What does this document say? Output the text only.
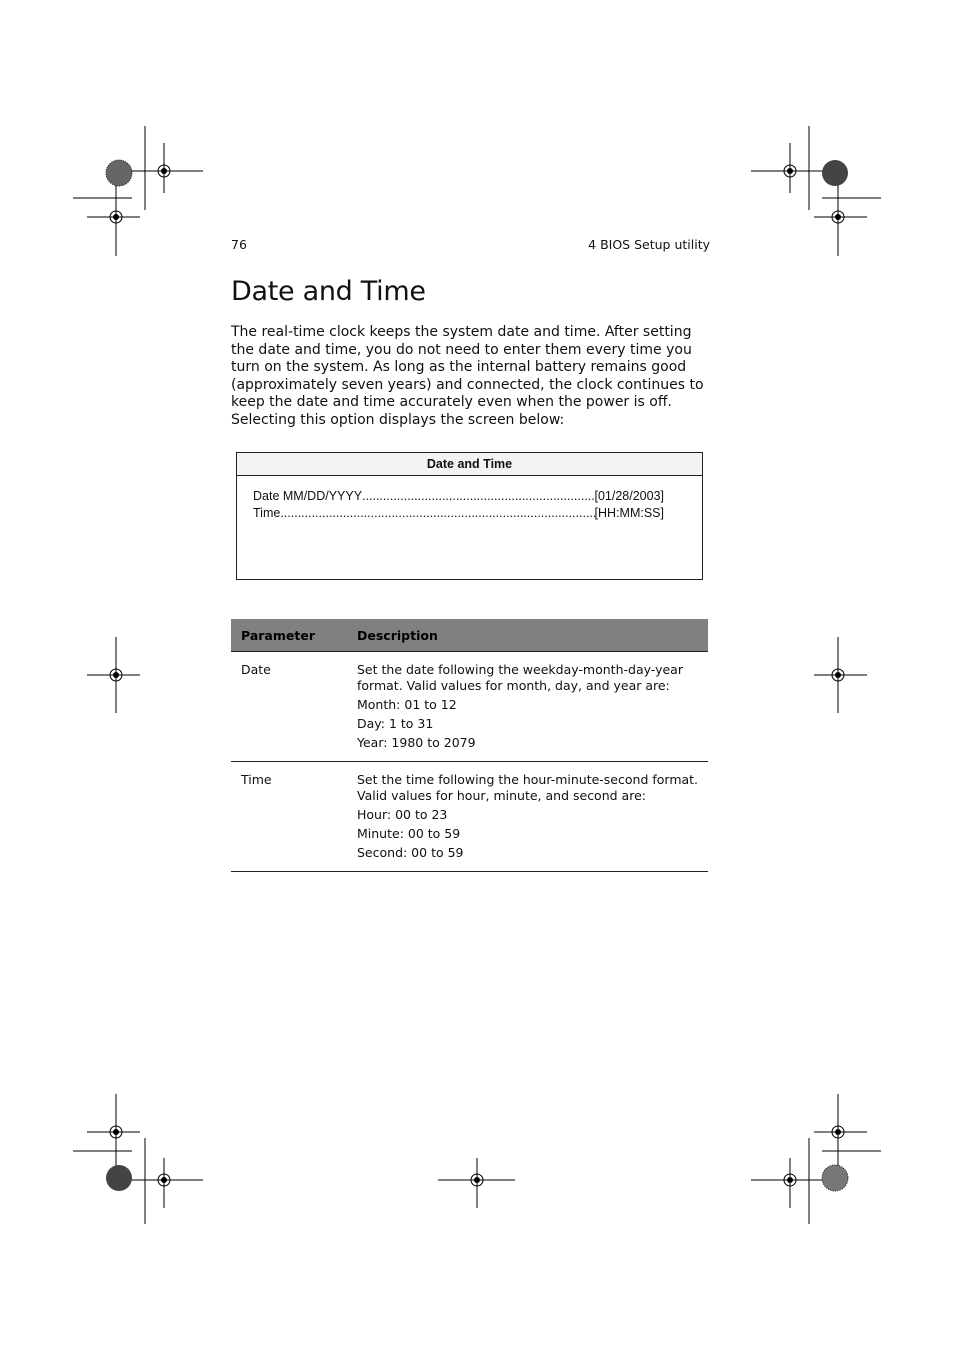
76	4 BIOS Setup utility
Date and Time

The real-time clock keeps the system date and time. After setting the date and time, you do not need to enter them every time you turn on the system. As long as the internal battery remains good (approximately seven years) and connected, the clock continues to keep the date and time accurately even when the power is off. Selecting this option displays the screen below:

Date and Time
Date MM/DD/YYYY .....	[01/28/2003]
Time .....	[HH:MM:SS]
Parameter	Description
Date	Set the date following the weekday-month-day-year format. Valid values for month, day, and year are:

Month: 01 to 12

Day: 1 to 31

Year: 1980 to 2079

Time	Set the time following the hour-minute-second format. Valid values for hour, minute, and second are:

Hour: 00 to 23

Minute: 00 to 59

Second: 00 to 59
